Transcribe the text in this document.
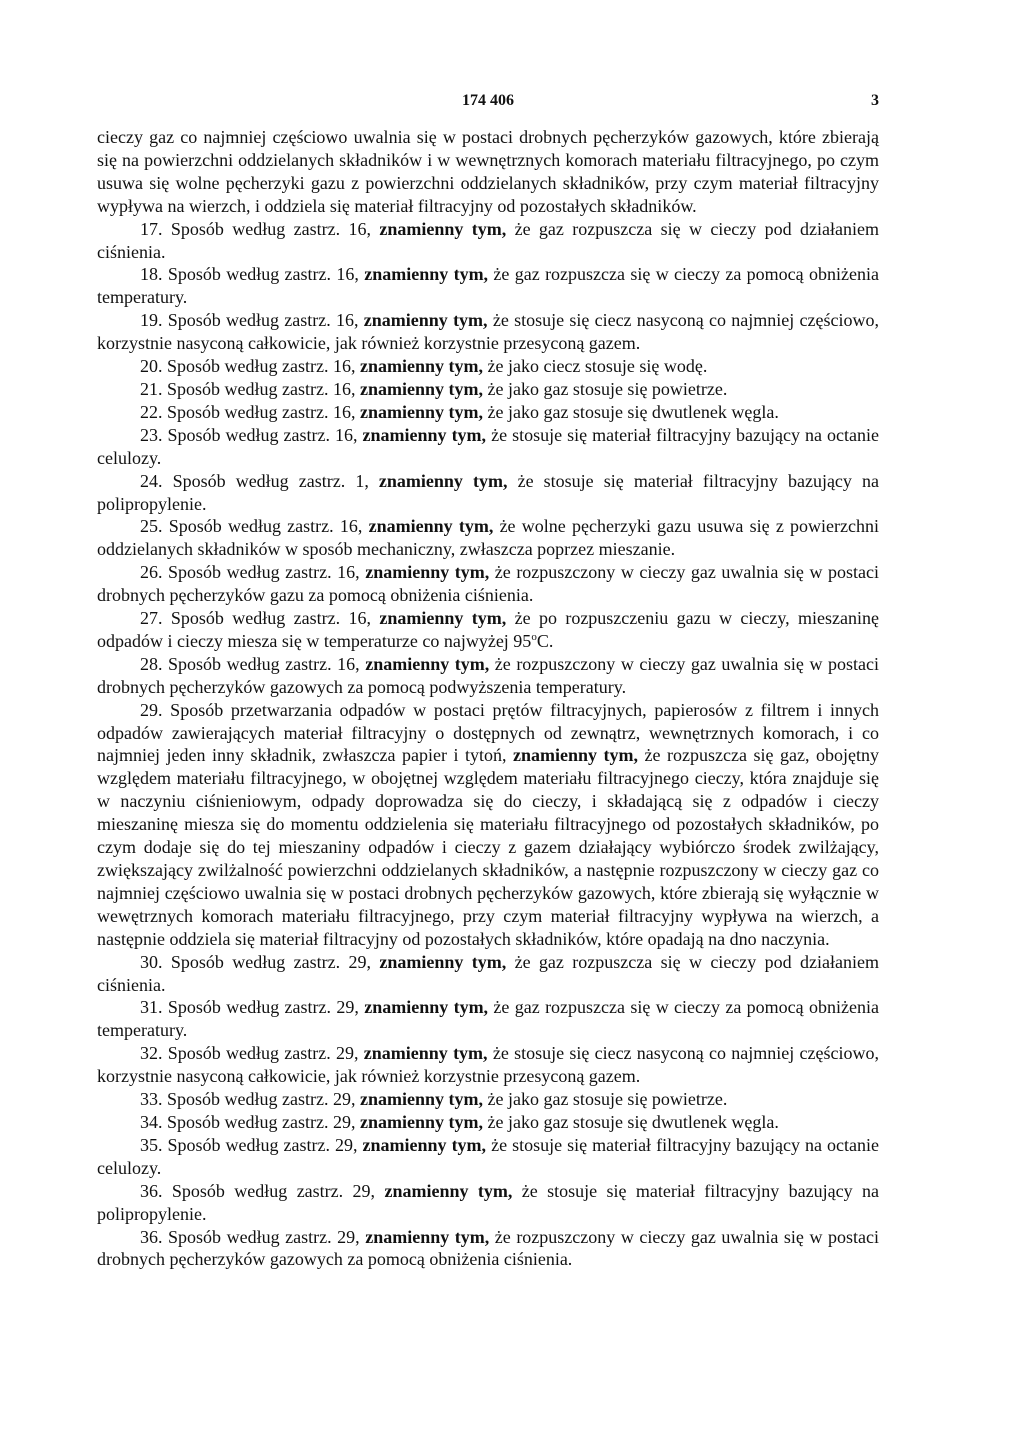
174 406	3

cieczy gaz co najmniej częściowo uwalnia się w postaci drobnych pęcherzyków gazowych, które zbierają się na powierzchni oddzielanych składników i w wewnętrznych komorach materiału filtracyjnego, po czym usuwa się wolne pęcherzyki gazu z powierzchni oddzielanych składników, przy czym materiał filtracyjny wypływa na wierzch, i oddziela się materiał filtracyjny od pozostałych składników.

17. Sposób według zastrz. 16, znamienny tym, że gaz rozpuszcza się w cieczy pod działaniem ciśnienia.

18. Sposób według zastrz. 16, znamienny tym, że gaz rozpuszcza się w cieczy za pomocą obniżenia temperatury.

19. Sposób według zastrz. 16, znamienny tym, że stosuje się ciecz nasyconą co najmniej częściowo, korzystnie nasyconą całkowicie, jak również korzystnie przesyconą gazem.

20. Sposób według zastrz. 16, znamienny tym, że jako ciecz stosuje się wodę.

21. Sposób według zastrz. 16, znamienny tym, że jako gaz stosuje się powietrze.

22. Sposób według zastrz. 16, znamienny tym, że jako gaz stosuje się dwutlenek węgla.

23. Sposób według zastrz. 16, znamienny tym, że stosuje się materiał filtracyjny bazujący na octanie celulozy.

24. Sposób według zastrz. 1, znamienny tym, że stosuje się materiał filtracyjny bazujący na polipropylenie.

25. Sposób według zastrz. 16, znamienny tym, że wolne pęcherzyki gazu usuwa się z powierzchni oddzielanych składników w sposób mechaniczny, zwłaszcza poprzez mieszanie.

26. Sposób według zastrz. 16, znamienny tym, że rozpuszczony w cieczy gaz uwalnia się w postaci drobnych pęcherzyków gazu za pomocą obniżenia ciśnienia.

27. Sposób według zastrz. 16, znamienny tym, że po rozpuszczeniu gazu w cieczy, mieszaninę odpadów i cieczy miesza się w temperaturze co najwyżej 95$^o$C.

28. Sposób według zastrz. 16, znamienny tym, że rozpuszczony w cieczy gaz uwalnia się w postaci drobnych pęcherzyków gazowych za pomocą podwyższenia temperatury.

29. Sposób przetwarzania odpadów w postaci prętów filtracyjnych, papierosów z filtrem i innych odpadów zawierających materiał filtracyjny o dostępnych od zewnątrz, wewnętrznych komorach, i co najmniej jeden inny składnik, zwłaszcza papier i tytoń, znamienny tym, że rozpuszcza się gaz, obojętny względem materiału filtracyjnego, w obojętnej względem materiału filtracyjnego cieczy, która znajduje się w naczyniu ciśnieniowym, odpady doprowadza się do cieczy, i składającą się z odpadów i cieczy mieszaninę miesza się do momentu oddzielenia się materiału filtracyjnego od pozostałych składników, po czym dodaje się do tej mieszaniny odpadów i cieczy z gazem działający wybiórczo środek zwilżający, zwiększający zwilżalność powierzchni oddzielanych składników, a następnie rozpuszczony w cieczy gaz co najmniej częściowo uwalnia się w postaci drobnych pęcherzyków gazowych, które zbierają się wyłącznie w wewętrznych komorach materiału filtracyjnego, przy czym materiał filtracyjny wypływa na wierzch, a następnie oddziela się materiał filtracyjny od pozostałych składników, które opadają na dno naczynia.

30. Sposób według zastrz. 29, znamienny tym, że gaz rozpuszcza się w cieczy pod działaniem ciśnienia.

31. Sposób według zastrz. 29, znamienny tym, że gaz rozpuszcza się w cieczy za pomocą obniżenia temperatury.

32. Sposób według zastrz. 29, znamienny tym, że stosuje się ciecz nasyconą co najmniej częściowo, korzystnie nasyconą całkowicie, jak również korzystnie przesyconą gazem.

33. Sposób według zastrz. 29, znamienny tym, że jako gaz stosuje się powietrze.

34. Sposób według zastrz. 29, znamienny tym, że jako gaz stosuje się dwutlenek węgla.

35. Sposób według zastrz. 29, znamienny tym, że stosuje się materiał filtracyjny bazujący na octanie celulozy.

36. Sposób według zastrz. 29, znamienny tym, że stosuje się materiał filtracyjny bazujący na polipropylenie.

36. Sposób według zastrz. 29, znamienny tym, że rozpuszczony w cieczy gaz uwalnia się w postaci drobnych pęcherzyków gazowych za pomocą obniżenia ciśnienia.
